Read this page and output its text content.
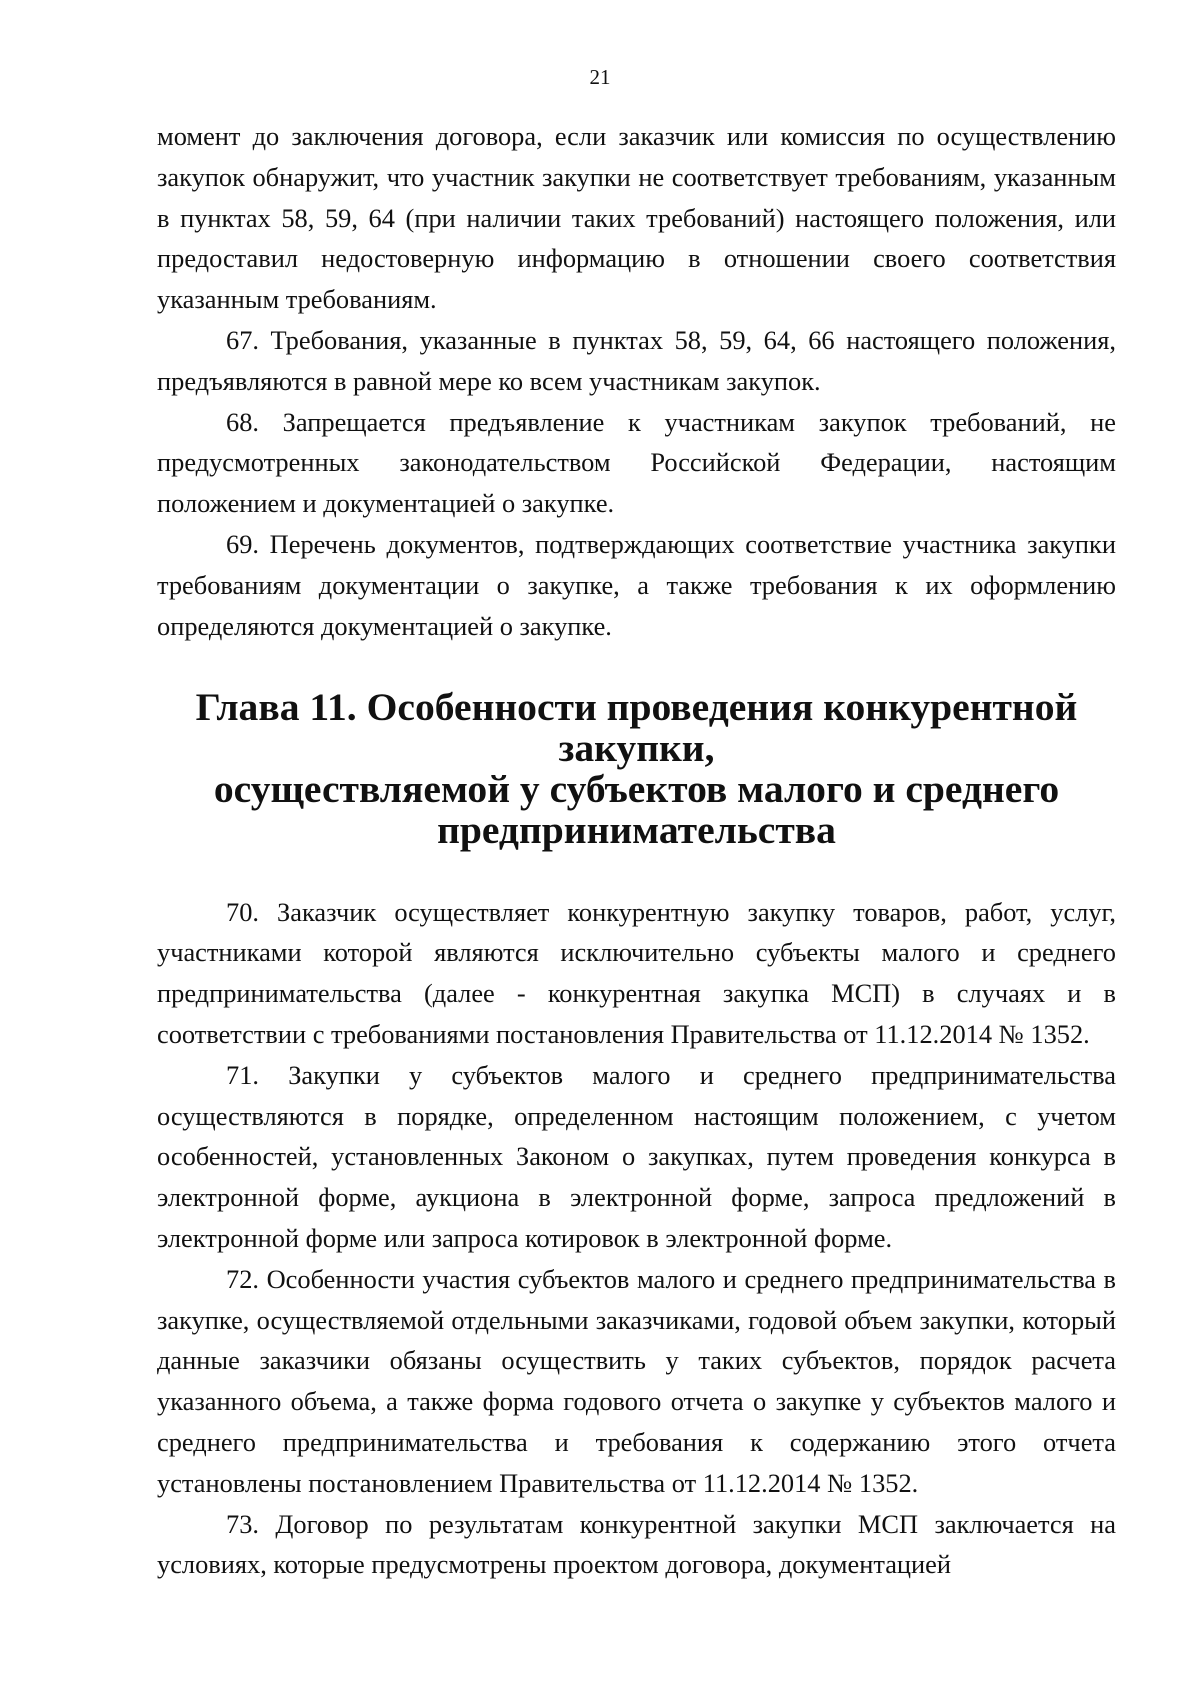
21

момент до заключения договора, если заказчик или комиссия по осуществлению закупок обнаружит, что участник закупки не соответствует требованиям, указанным в пунктах 58, 59, 64 (при наличии таких требований) настоящего положения, или предоставил недостоверную информацию в отношении своего соответствия указанным требованиям.

67. Требования, указанные в пунктах 58, 59, 64, 66 настоящего положения, предъявляются в равной мере ко всем участникам закупок.

68. Запрещается предъявление к участникам закупок требований, не предусмотренных законодательством Российской Федерации, настоящим положением и документацией о закупке.

69. Перечень документов, подтверждающих соответствие участника закупки требованиям документации о закупке, а также требования к их оформлению определяются документацией о закупке.

Глава 11. Особенности проведения конкурентной закупки,
осуществляемой у субъектов малого и среднего предпринимательства

70. Заказчик осуществляет конкурентную закупку товаров, работ, услуг, участниками которой являются исключительно субъекты малого и среднего предпринимательства (далее - конкурентная закупка МСП) в случаях и в соответствии с требованиями постановления Правительства от 11.12.2014 № 1352.

71. Закупки у субъектов малого и среднего предпринимательства осуществляются в порядке, определенном настоящим положением, с учетом особенностей, установленных Законом о закупках, путем проведения конкурса в электронной форме, аукциона в электронной форме, запроса предложений в электронной форме или запроса котировок в электронной форме.

72. Особенности участия субъектов малого и среднего предпринимательства в закупке, осуществляемой отдельными заказчиками, годовой объем закупки, который данные заказчики обязаны осуществить у таких субъектов, порядок расчета указанного объема, а также форма годового отчета о закупке у субъектов малого и среднего предпринимательства и требования к содержанию этого отчета установлены постановлением Правительства от 11.12.2014 № 1352.

73. Договор по результатам конкурентной закупки МСП заключается на условиях, которые предусмотрены проектом договора, документацией
